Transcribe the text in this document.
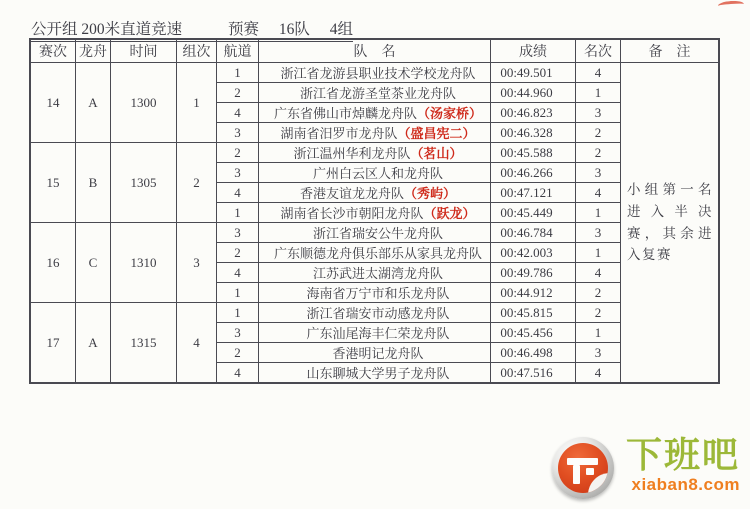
公开组 200米直道竞速	预赛 16队 4组
赛次	龙舟	时间	组次	航道	队　名	成绩	名次	备　注
14	A	1300	1	1	浙江省龙游县职业技术学校龙舟队	00:49.501	4	小组第一名进入半决赛，其余进入复赛

				2	浙江省龙游圣堂茶业龙舟队	00:44.960	1	
				4	广东省佛山市焯麟龙舟队（汤家桥）	00:46.823	3	
				3	湖南省汨罗市龙舟队（盛昌宪二）	00:46.328	2	
15	B	1305	2	2	浙江温州华利龙舟队（茗山）	00:45.588	2	
				3	广州白云区人和龙舟队	00:46.266	3	
				4	香港友谊龙龙舟队（秀屿）	00:47.121	4	
				1	湖南省长沙市朝阳龙舟队（跃龙）	00:45.449	1	
16	C	1310	3	3	浙江省瑞安公牛龙舟队	00:46.784	3	
				2	广东顺德龙舟俱乐部乐从家具龙舟队	00:42.003	1	
				4	江苏武进太湖湾龙舟队	00:49.786	4	
				1	海南省万宁市和乐龙舟队	00:44.912	2	
17	A	1315	4	1	浙江省瑞安市动感龙舟队	00:45.815	2	
				3	广东汕尾海丰仁荣龙舟队	00:45.456	1	
				2	香港明记龙舟队	00:46.498	3	
				4	山东聊城大学男子龙舟队	00:47.516	4	
下班吧
xiaban8.com
